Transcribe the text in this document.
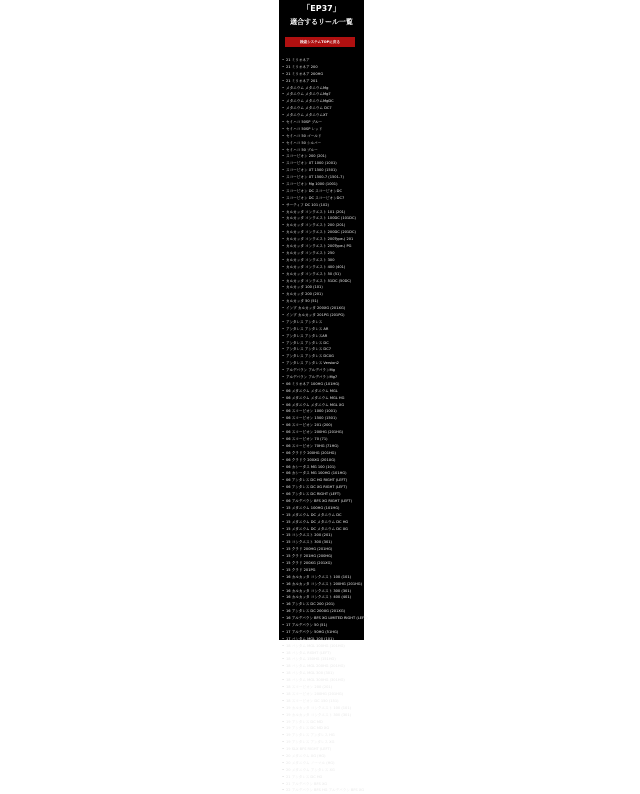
「EP37」
適合するリール一覧
検索システムTOPに戻る
• 21 ミリオネア
• 21 ミリオネア 200
• 21 ミリオネア 200HG
• 21 ミリオネア 201
• メタニウム メタニウムMg
• メタニウム メタニウムMg7
• メタニウム メタニウムMgDC
• メタニウム メタニウム DC7
• メタニウム メタニウムXT
• セイハコ 50SP ブルー
• セイハコ 50SP レッド
• セイハコ 50 ゴールド
• セイハコ 50 シルバー
• セイハコ 50 ブルー
• スコーピオン 200 (201)
• スコーピオン XT 1000 (1001)
• スコーピオン XT 1500 (1501)
• スコーピオン XT 1500-7 (1501-7)
• スコーピオン Mg 1000 (1001)
• スコーピオン DC スコーピオンDC
• スコーピオン DC スコーピオンDC7
• サーティフ DC 101 (102)
• カルカッタ コンクエスト 101 (201)
• カルカッタ コンクエスト 100DC (101DC)
• カルカッタ コンクエスト 200 (201)
• カルカッタ コンクエスト 200DC (201DC)
• カルカッタ コンクエスト 200Type-J 201
• カルカッタ コンクエスト 200Type-J PG
• カルカッタ コンクエスト 250
• カルカッタ コンクエスト 300
• カルカッタ コンクエスト 400 (401)
• カルカッタ コンクエスト 50 (51)
• カルカッタ コンクエスト 51DC (50DC)
• カルカッタ 100 (101)
• カルカッタ 200 (201)
• カルカッタ 50 (51)
• インプ カルカッタ 200XG (201XG)
• インプ カルカッタ 201PG (201PG)
• アンタレス アンタレス
• アンタレス アンタレス AR
• アンタレス アンタレスAR
• アンタレス アンタレス DC
• アンタレス アンタレス DC7
• アンタレス アンタレス DCXG
• アンタレス アンタレス Version2
• アルデバラン アルデバランMg
• アルデバラン アルデバランMg7
• 06 ミリオネア 100HG (101HG)
• 06 メタニウム メタニウム MGL
• 06 メタニウム メタニウム MGL HG
• 06 メタニウム メタニウム MGL XG
• 06 スコーピオン 1000 (1001)
• 06 スコーピオン 1500 (1501)
• 06 スコーピオン 201 (200)
• 06 スコーピオン 200HG (201HG)
• 06 スコーピオン 70 (71)
• 06 スコーピオン 70HG (71HG)
• 06 クラドラ 200HG (201HG)
• 06 クラドラ 200XG (201XG)
• 06 カシータス MG 100 (101)
• 06 カシータス MG 100HG (101HG)
• 06 アンタレス DC HG RIGHT (LEFT)
• 06 アンタレス DC XG RIGHT (LEFT)
• 06 アンタレス DC RIGHT (LEFT)
• 06 アルデバラン BFS XG RIGHT (LEFT)
• 15 メタニウム 100HG (101HG)
• 15 メタニウム DC メタニウム DC
• 15 メタニウム DC メタニウム DC HG
• 15 メタニウム DC メタニウム DC XG
• 15 コンクエスト 200 (201)
• 15 コンクエスト 300 (301)
• 15 クラド 200HG (201HG)
• 15 クラド 201HG (200HG)
• 15 クラド 200XG (201XG)
• 15 クラド 201PG
• 16 カルカッタ コンクエスト 100 (101)
• 16 カルカッタ コンクエスト 200HG (201HG)
• 16 カルカッタ コンクエスト 300 (301)
• 16 カルカッタ コンクエスト 400 (401)
• 16 アンタレス DC 200 (201)
• 16 アンタレス DC 200XG (201XG)
• 16 アルデバラン BFS XG LIMITED RIGHT (LEFT)
• 17 アルデバラン 50 (51)
• 17 アルデバラン 50HG (51HG)
• 17 バンタム MGL 100 (101)
• 18 バンタム MGL 100HG (101HG)
• 18 バンタム RIGHT (LEFT)
• 18 バンタム 150HG (151HG)
• 18 バンタム MGL 200HG (201HG)
• 18 バンタム MGL 300 (301)
• 18 バンタム MGL 300HG (301HG)
• 18 スコーピオン 200 (201)
• 18 スコーピオン 200HG (201HG)
• 18 スコーピオン DC 150 (151)
• 19 カルカッタ コンクエスト 100 (101)
• 19 カルカッタ コンクエスト 300 (301)
• 19 アンタレス DC MD
• 19 アンタレス DC MD XG
• 19 アンタレス アンタレス HG
• 19 アンタレス アンタレス XG
• 19 SLX BFS RIGHT (LEFT)
• 20 メタニウム XG (HG)
• 20 メタニウム ノーマル (HG)
• 20 メタニウム アンタレス XG
• 21 アンタレス DC HG
• 21 アルデバラン BFS XG
• 22 アルデバラン BFS HG アルデバラン BFS XG
